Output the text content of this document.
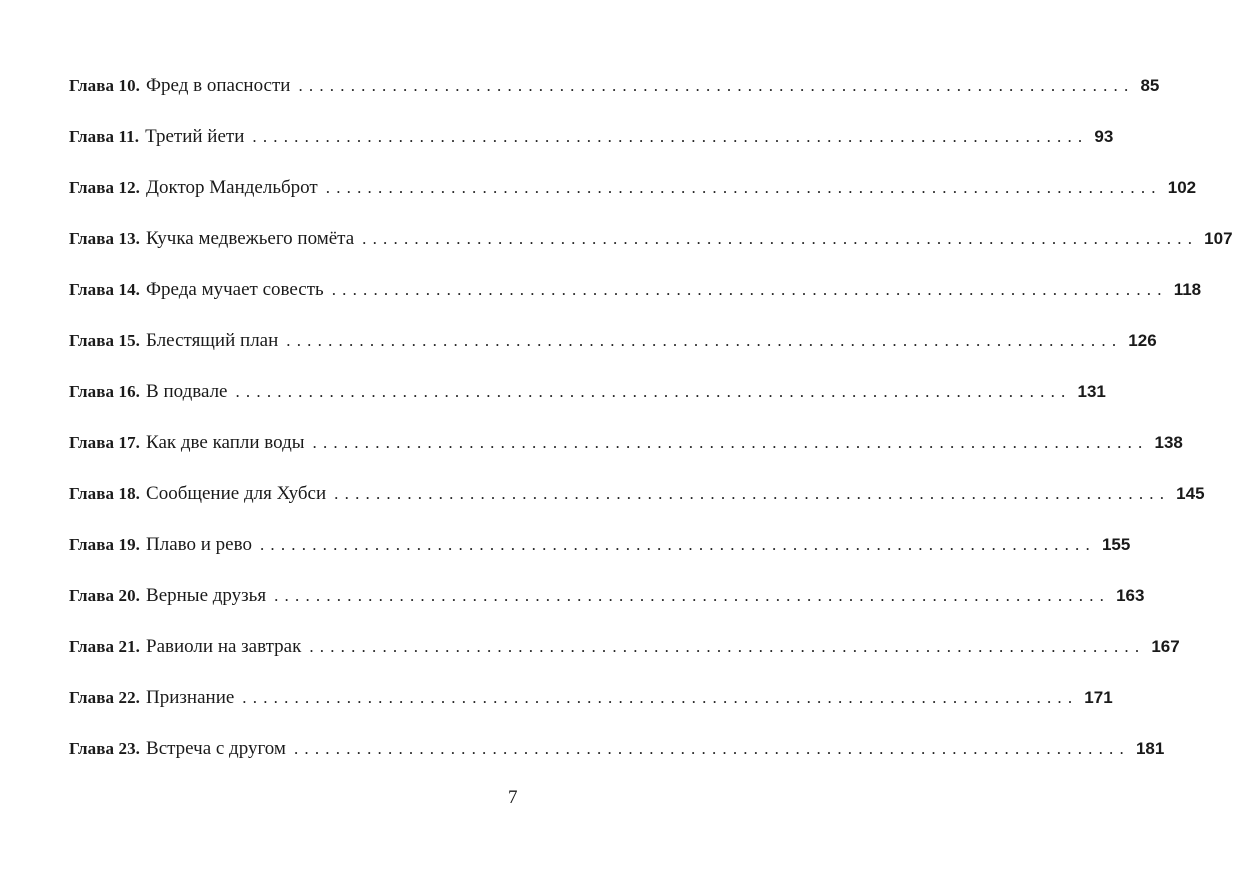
Глава 10. Фред в опасности ................................................................................ 85
Глава 11. Третий йети ................................................................................ 93
Глава 12. Доктор Мандельброт ................................................................................ 102
Глава 13. Кучка медвежьего помёта ................................................................................ 107
Глава 14. Фреда мучает совесть ................................................................................ 118
Глава 15. Блестящий план ................................................................................ 126
Глава 16. В подвале ................................................................................ 131
Глава 17. Как две капли воды ................................................................................ 138
Глава 18. Сообщение для Хубси ................................................................................ 145
Глава 19. Плаво и рево ................................................................................ 155
Глава 20. Верные друзья ................................................................................ 163
Глава 21. Равиоли на завтрак ................................................................................ 167
Глава 22. Признание ................................................................................ 171
Глава 23. Встреча с другом ................................................................................ 181
7
